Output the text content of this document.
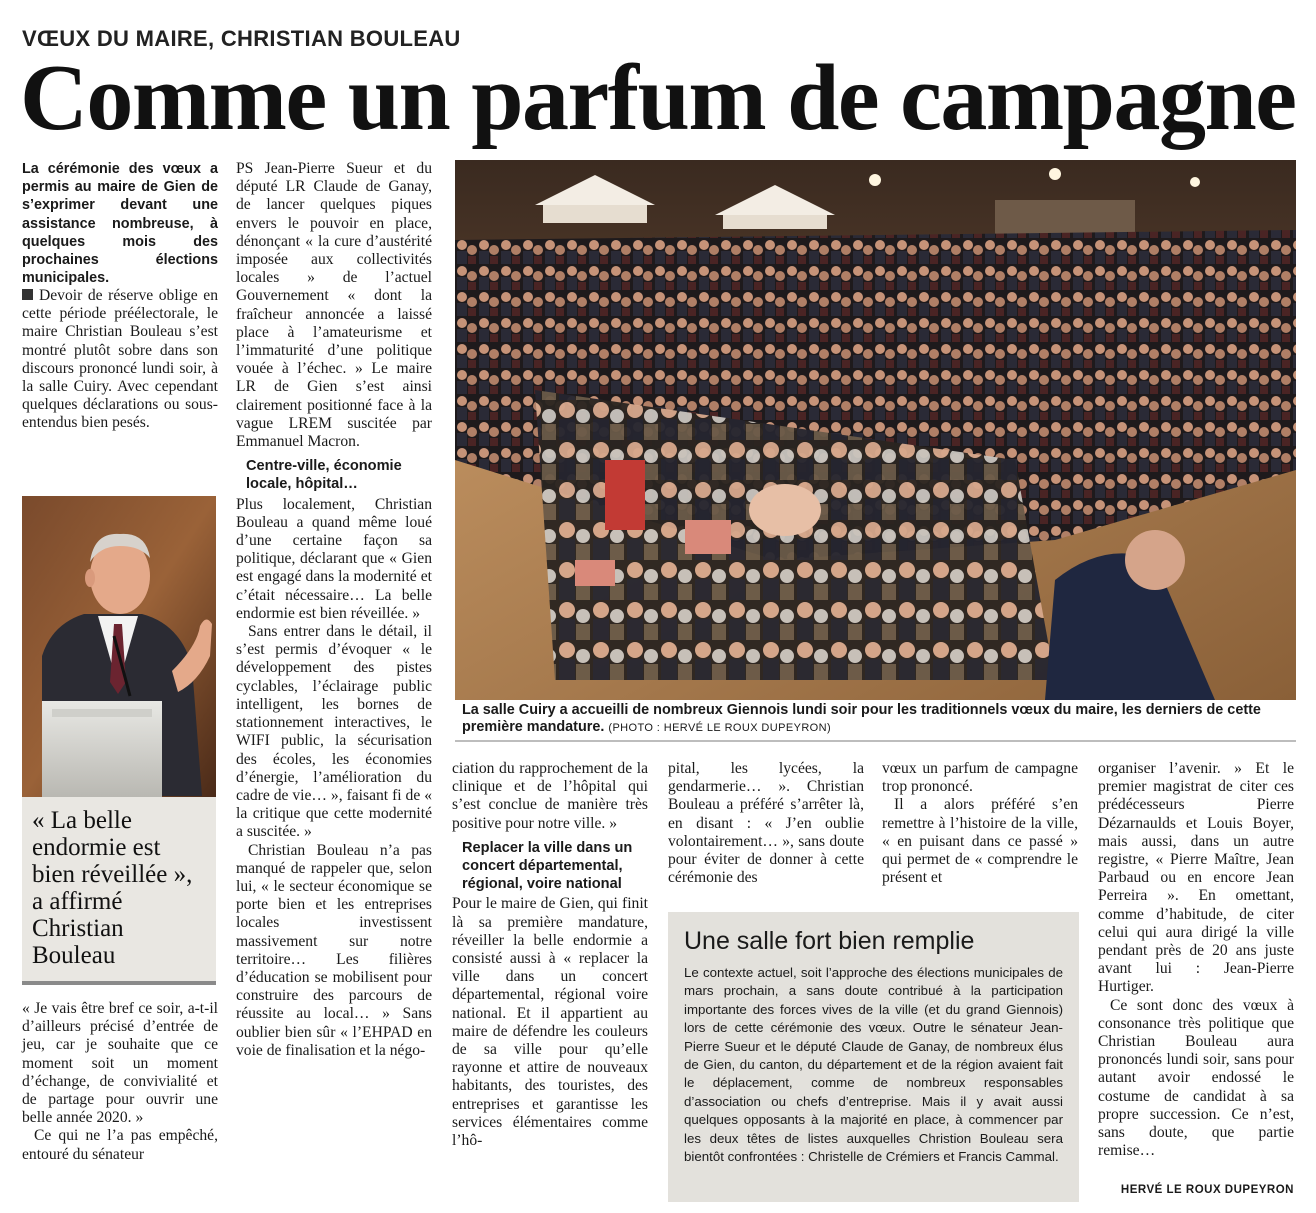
VŒUX DU MAIRE, CHRISTIAN BOULEAU
Comme un parfum de campagne
La cérémonie des vœux a permis au maire de Gien de s’exprimer devant une assistance nombreuse, à quelques mois des prochaines élections municipales.

Devoir de réserve oblige en cette période préélectorale, le maire Christian Bouleau s’est montré plutôt sobre dans son discours prononcé lundi soir, à la salle Cuiry. Avec cependant quelques déclarations ou sous-entendus bien pesés.

« La belle endormie est bien réveillée », a affirmé Christian Bouleau

« Je vais être bref ce soir, a-t-il d’ailleurs précisé d’entrée de jeu, car je souhaite que ce moment soit un moment d’échange, de convivialité et de partage pour ouvrir une belle année 2020. »

Ce qui ne l’a pas empêché, entouré du sénateur

PS Jean-Pierre Sueur et du député LR Claude de Ganay, de lancer quelques piques envers le pouvoir en place, dénonçant « la cure d’austérité imposée aux collectivités locales » de l’actuel Gouvernement « dont la fraîcheur annoncée a laissé place à l’amateurisme et l’immaturité d’une politique vouée à l’échec. » Le maire LR de Gien s’est ainsi clairement positionné face à la vague LREM suscitée par Emmanuel Macron.

Centre-ville, économie locale, hôpital…

Plus localement, Christian Bouleau a quand même loué d’une certaine façon sa politique, déclarant que « Gien est engagé dans la modernité et c’était nécessaire… La belle endormie est bien réveillée. »

Sans entrer dans le détail, il s’est permis d’évoquer « le développement des pistes cyclables, l’éclairage public intelligent, les bornes de stationnement interactives, le WIFI public, la sécurisation des écoles, les économies d’énergie, l’amélioration du cadre de vie… », faisant fi de « la critique que cette modernité a suscitée. »

Christian Bouleau n’a pas manqué de rappeler que, selon lui, « le secteur économique se porte bien et les entreprises locales investissent massivement sur notre territoire… Les filières d’éducation se mobilisent pour construire des parcours de réussite au local… » Sans oublier bien sûr « l’EHPAD en voie de finalisation et la négo-

La salle Cuiry a accueilli de nombreux Giennois lundi soir pour les traditionnels vœux du maire, les derniers de cette première mandature. (PHOTO : HERVÉ LE ROUX DUPEYRON)

ciation du rapprochement de la clinique et de l’hôpital qui s’est conclue de manière très positive pour notre ville. »

Replacer la ville dans un concert départemental, régional, voire national

Pour le maire de Gien, qui finit là sa première mandature, réveiller la belle endormie a consisté aussi à « replacer la ville dans un concert départemental, régional voire national. Et il appartient au maire de défendre les couleurs de sa ville pour qu’elle rayonne et attire de nouveaux habitants, des touristes, des entreprises et garantisse les services élémentaires comme l’hô-

pital, les lycées, la gendarmerie… ». Christian Bouleau a préféré s’arrêter là, en disant : « J’en oublie volontairement… », sans doute pour éviter de donner à cette cérémonie des

vœux un parfum de campagne trop prononcé.

Il a alors préféré s’en remettre à l’histoire de la ville, « en puisant dans ce passé » qui permet de « comprendre le présent et

organiser l’avenir. » Et le premier magistrat de citer ces prédécesseurs Pierre Dézarnaulds et Louis Boyer, mais aussi, dans un autre registre, « Pierre Maître, Jean Parbaud ou en encore Jean Perreira ». En omettant, comme d’habitude, de citer celui qui aura dirigé la ville pendant près de 20 ans juste avant lui : Jean-Pierre Hurtiger.

Ce sont donc des vœux à consonance très politique que Christian Bouleau aura prononcés lundi soir, sans pour autant avoir endossé le costume de candidat à sa propre succession. Ce n’est, sans doute, que partie remise…

Une salle fort bien remplie
Le contexte actuel, soit l’approche des élections municipales de mars prochain, a sans doute contribué à la participation importante des forces vives de la ville (et du grand Giennois) lors de cette cérémonie des vœux. Outre le sénateur Jean-Pierre Sueur et le député Claude de Ganay, de nombreux élus de Gien, du canton, du département et de la région avaient fait le déplacement, comme de nombreux responsables d’association ou chefs d’entreprise. Mais il y avait aussi quelques opposants à la majorité en place, à commencer par les deux têtes de listes auxquelles Christion Bouleau sera bientôt confrontées : Christelle de Crémiers et Francis Cammal.
HERVÉ LE ROUX DUPEYRON
